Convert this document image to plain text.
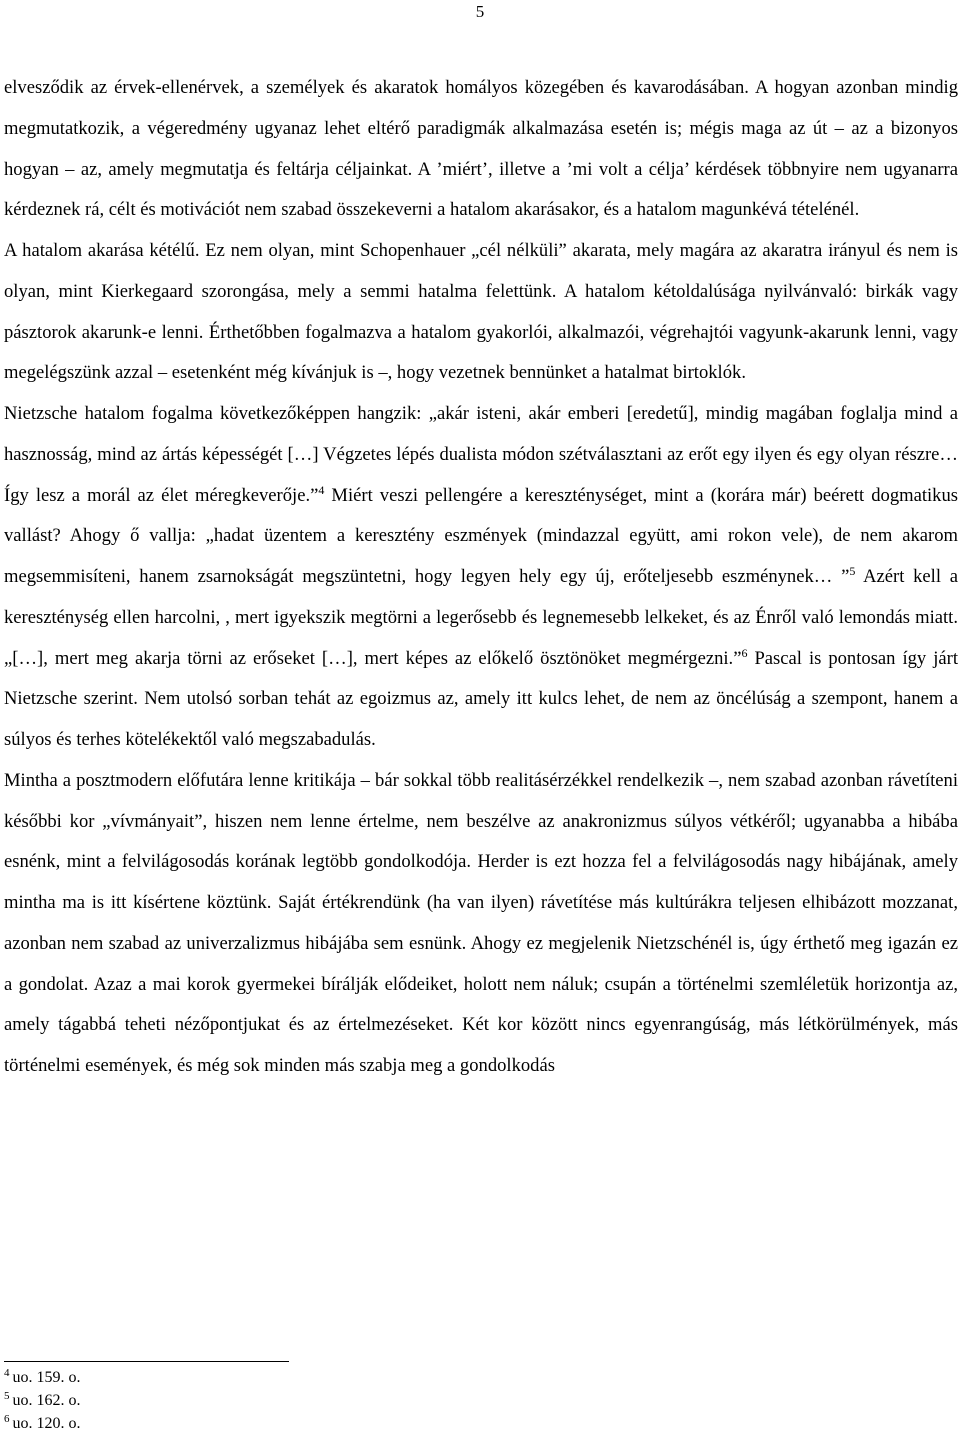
5

elvesződik az érvek-ellenérvek, a személyek és akaratok homályos közegében és kavarodásában. A hogyan azonban mindig megmutatkozik, a végeredmény ugyanaz lehet eltérő paradigmák alkalmazása esetén is; mégis maga az út – az a bizonyos hogyan – az, amely megmutatja és feltárja céljainkat. A ’miért’, illetve a ’mi volt a célja’ kérdések többnyire nem ugyanarra kérdeznek rá, célt és motivációt nem szabad összekeverni a hatalom akarásakor, és a hatalom magunkévá tételénél.

A hatalom akarása kétélű. Ez nem olyan, mint Schopenhauer „cél nélküli” akarata, mely magára az akaratra irányul és nem is olyan, mint Kierkegaard szorongása, mely a semmi hatalma felettünk. A hatalom kétoldalúsága nyilvánvaló: birkák vagy pásztorok akarunk-e lenni. Érthetőbben fogalmazva a hatalom gyakorlói, alkalmazói, végrehajtói vagyunk-akarunk lenni, vagy megelégszünk azzal – esetenként még kívánjuk is –, hogy vezetnek bennünket a hatalmat birtoklók.

Nietzsche hatalom fogalma következőképpen hangzik: „akár isteni, akár emberi [eredetű], mindig magában foglalja mind a hasznosság, mind az ártás képességét […] Végzetes lépés dualista módon szétválasztani az erőt egy ilyen és egy olyan részre… Így lesz a morál az élet méregkeverője.”$^4$ Miért veszi pellengére a kereszténységet, mint a (korára már) beérett dogmatikus vallást? Ahogy ő vallja: „hadat üzentem a keresztény eszmények (mindazzal együtt, ami rokon vele), de nem akarom megsemmisíteni, hanem zsarnokságát megszüntetni, hogy legyen hely egy új, erőteljesebb eszménynek… ”$^5$ Azért kell a kereszténység ellen harcolni, , mert igyekszik megtörni a legerősebb és legnemesebb lelkeket, és az Énről való lemondás miatt. „[…], mert meg akarja törni az erőseket […], mert képes az előkelő ösztönöket megmérgezni.”$^6$ Pascal is pontosan így járt Nietzsche szerint. Nem utolsó sorban tehát az egoizmus az, amely itt kulcs lehet, de nem az öncélúság a szempont, hanem a súlyos és terhes kötelékektől való megszabadulás.

Mintha a posztmodern előfutára lenne kritikája – bár sokkal több realitásérzékkel rendelkezik –, nem szabad azonban rávetíteni későbbi kor „vívmányait”, hiszen nem lenne értelme, nem beszélve az anakronizmus súlyos vétkéről; ugyanabba a hibába esnénk, mint a felvilágosodás korának legtöbb gondolkodója. Herder is ezt hozza fel a felvilágosodás nagy hibájának, amely mintha ma is itt kísértene köztünk. Saját értékrendünk (ha van ilyen) rávetítése más kultúrákra teljesen elhibázott mozzanat, azonban nem szabad az univerzalizmus hibájába sem esnünk. Ahogy ez megjelenik Nietzschénél is, úgy érthető meg igazán ez a gondolat. Azaz a mai korok gyermekei bírálják elődeiket, holott nem náluk; csupán a történelmi szemléletük horizontja az, amely tágabbá teheti nézőpontjukat és az értelmezéseket. Két kor között nincs egyenrangúság, más létkörülmények, más történelmi események, és még sok minden más szabja meg a gondolkodás

$^4$ uo. 159. o.
$^5$ uo. 162. o.
$^6$ uo. 120. o.
